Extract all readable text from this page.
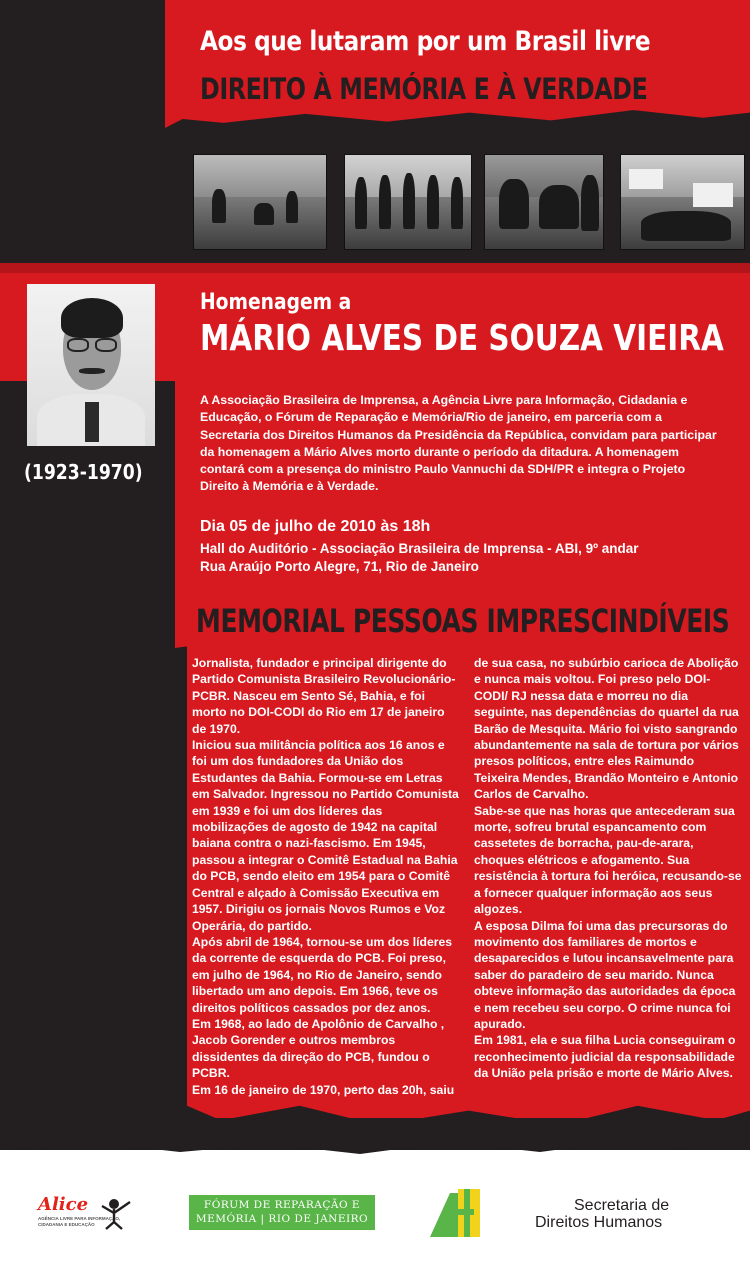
Aos que lutaram por um Brasil livre
DIREITO À MEMÓRIA E À VERDADE
(1923-1970)
Homenagem a
MÁRIO ALVES DE SOUZA VIEIRA
A Associação Brasileira de Imprensa, a Agência Livre para Informação, Cidadania e Educação, o Fórum de Reparação e Memória/Rio de janeiro, em parceria com a Secretaria dos Direitos Humanos da Presidência da República, convidam para participar da homenagem a Mário Alves morto durante o período da ditadura. A homenagem contará com a presença do ministro Paulo Vannuchi da SDH/PR e integra o Projeto Direito à Memória e à Verdade.
Dia 05 de julho de 2010 às 18h
Hall do Auditório - Associação Brasileira de Imprensa - ABI, 9º andar
Rua Araújo Porto Alegre, 71, Rio de Janeiro
MEMORIAL PESSOAS IMPRESCINDÍVEIS

Jornalista, fundador e principal dirigente do Partido Comunista Brasileiro Revolucionário-PCBR. Nasceu em Sento Sé, Bahia, e foi morto no DOI-CODI do Rio em 17 de janeiro de 1970.

Iniciou sua militância política aos 16 anos e foi um dos fundadores da União dos Estudantes da Bahia. Formou-se em Letras em Salvador. Ingressou no Partido Comunista em 1939 e foi um dos líderes das mobilizações de agosto de 1942 na capital baiana contra o nazi-fascismo. Em 1945, passou a integrar o Comitê Estadual na Bahia do PCB, sendo eleito em 1954 para o Comitê Central e alçado à Comissão Executiva em 1957. Dirigiu os jornais Novos Rumos e Voz Operária, do partido.

Após abril de 1964, tornou-se um dos líderes da corrente de esquerda do PCB. Foi preso, em julho de 1964, no Rio de Janeiro, sendo libertado um ano depois. Em 1966, teve os direitos políticos cassados por dez anos.

Em 1968, ao lado de Apolônio de Carvalho , Jacob Gorender e outros membros dissidentes da direção do PCB, fundou o PCBR.

Em 16 de janeiro de 1970, perto das 20h, saiu

de sua casa, no subúrbio carioca de Abolição e nunca mais voltou. Foi preso pelo DOI-CODI/ RJ nessa data e morreu no dia seguinte, nas dependências do quartel da rua Barão de Mesquita. Mário foi visto sangrando abundantemente na sala de tortura por vários presos políticos, entre eles Raimundo Teixeira Mendes, Brandão Monteiro e Antonio Carlos de Carvalho.

Sabe-se que nas horas que antecederam sua morte, sofreu brutal espancamento com cassetetes de borracha, pau-de-arara, choques elétricos e afogamento. Sua resistência à tortura foi heróica, recusando-se a fornecer qualquer informação aos seus algozes.

A esposa Dilma foi uma das precursoras do movimento dos familiares de mortos e desaparecidos e lutou incansavelmente para saber do paradeiro de seu marido. Nunca obteve informação das autoridades da época e nem recebeu seu corpo. O crime nunca foi apurado.

Em 1981, ela e sua filha Lucia conseguiram o reconhecimento judicial da responsabilidade da União pela prisão e morte de Mário Alves.

Alice
AGÊNCIA LIVRE PARA INFORMAÇÃO, CIDADANIA E EDUCAÇÃO
FÓRUM DE REPARAÇÃO E
MEMÓRIA | RIO DE JANEIRO
Secretaria de
Direitos Humanos
